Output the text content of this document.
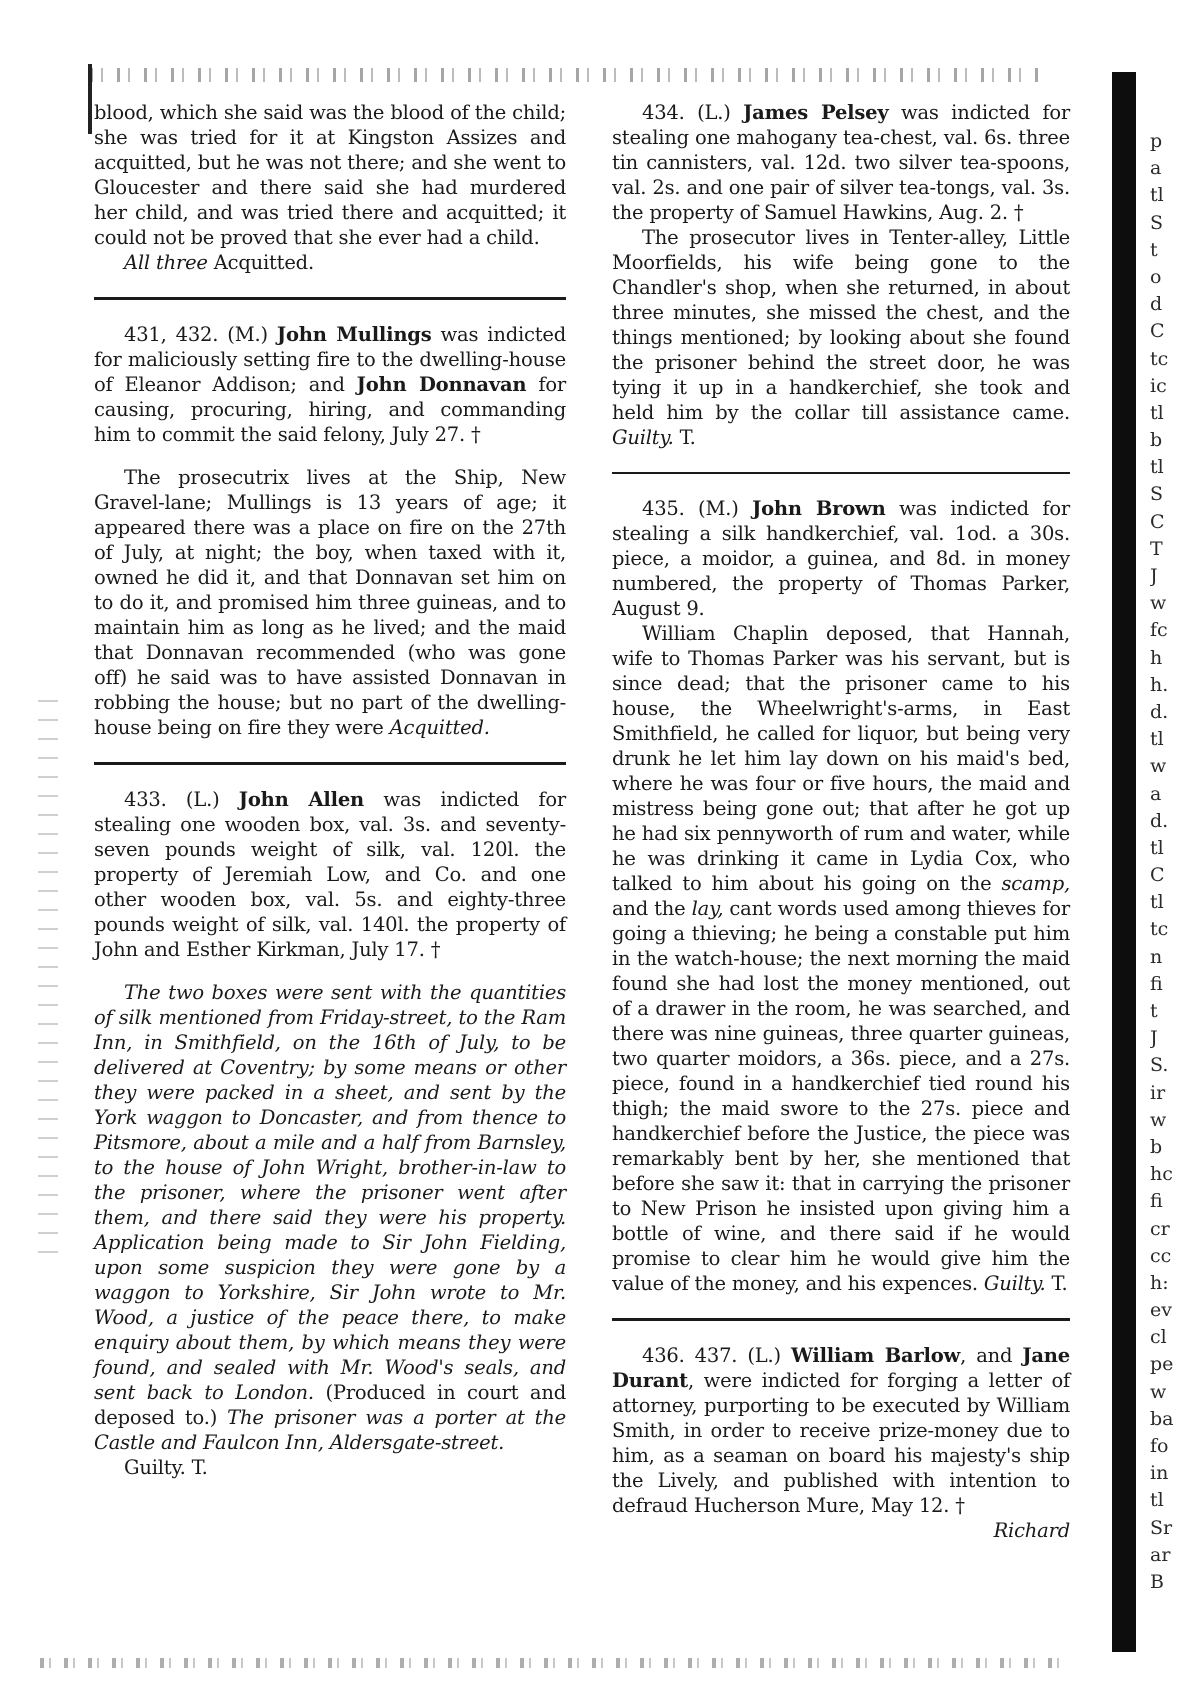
p
a
tl
S
t
o
d
C
tc
ic
tl
b
tl
S
C
T
J
w
fc
h
h.
d.
tl
w
a
d.
tl
C
tl
tc
n
fi
t
J
S.
ir
w
b
hc
fi
cr
cc
h:
ev
cl
pe
w
ba
fo
in
tl
Sr
ar
B

blood, which she said was the blood of the child; she was tried for it at Kingston Assizes and acquitted, but he was not there; and she went to Gloucester and there said she had murdered her child, and was tried there and acquitted; it could not be proved that she ever had a child.

All three Acquitted.

431, 432. (M.) John Mullings was indicted for maliciously setting fire to the dwelling-house of Eleanor Addison; and John Donnavan for causing, procuring, hiring, and commanding him to commit the said felony, July 27. †

The prosecutrix lives at the Ship, New Gravel-lane; Mullings is 13 years of age; it appeared there was a place on fire on the 27th of July, at night; the boy, when taxed with it, owned he did it, and that Donnavan set him on to do it, and promised him three guineas, and to maintain him as long as he lived; and the maid that Donnavan recommended (who was gone off) he said was to have assisted Donnavan in robbing the house; but no part of the dwelling-house being on fire they were Acquitted.

433. (L.) John Allen was indicted for stealing one wooden box, val. 3s. and seventy-seven pounds weight of silk, val. 120l. the property of Jeremiah Low, and Co. and one other wooden box, val. 5s. and eighty-three pounds weight of silk, val. 140l. the property of John and Esther Kirkman, July 17. †

The two boxes were sent with the quantities of silk mentioned from Friday-street, to the Ram Inn, in Smithfield, on the 16th of July, to be delivered at Coventry; by some means or other they were packed in a sheet, and sent by the York waggon to Doncaster, and from thence to Pitsmore, about a mile and a half from Barnsley, to the house of John Wright, brother-in-law to the prisoner, where the prisoner went after them, and there said they were his property. Application being made to Sir John Fielding, upon some suspicion they were gone by a waggon to Yorkshire, Sir John wrote to Mr. Wood, a justice of the peace there, to make enquiry about them, by which means they were found, and sealed with Mr. Wood's seals, and sent back to London. (Produced in court and deposed to.) The prisoner was a porter at the Castle and Faulcon Inn, Aldersgate-street.

Guilty. T.

434. (L.) James Pelsey was indicted for stealing one mahogany tea-chest, val. 6s. three tin cannisters, val. 12d. two silver tea-spoons, val. 2s. and one pair of silver tea-tongs, val. 3s. the property of Samuel Hawkins, Aug. 2. †

The prosecutor lives in Tenter-alley, Little Moorfields, his wife being gone to the Chandler's shop, when she returned, in about three minutes, she missed the chest, and the things mentioned; by looking about she found the prisoner behind the street door, he was tying it up in a handkerchief, she took and held him by the collar till assistance came. Guilty. T.

435. (M.) John Brown was indicted for stealing a silk handkerchief, val. 1od. a 30s. piece, a moidor, a guinea, and 8d. in money numbered, the property of Thomas Parker, August 9.

William Chaplin deposed, that Hannah, wife to Thomas Parker was his servant, but is since dead; that the prisoner came to his house, the Wheelwright's-arms, in East Smithfield, he called for liquor, but being very drunk he let him lay down on his maid's bed, where he was four or five hours, the maid and mistress being gone out; that after he got up he had six pennyworth of rum and water, while he was drinking it came in Lydia Cox, who talked to him about his going on the scamp, and the lay, cant words used among thieves for going a thieving; he being a constable put him in the watch-house; the next morning the maid found she had lost the money mentioned, out of a drawer in the room, he was searched, and there was nine guineas, three quarter guineas, two quarter moidors, a 36s. piece, and a 27s. piece, found in a handkerchief tied round his thigh; the maid swore to the 27s. piece and handkerchief before the Justice, the piece was remarkably bent by her, she mentioned that before she saw it: that in carrying the prisoner to New Prison he insisted upon giving him a bottle of wine, and there said if he would promise to clear him he would give him the value of the money, and his expences. Guilty. T.

436. 437. (L.) William Barlow, and Jane Durant, were indicted for forging a letter of attorney, purporting to be executed by William Smith, in order to receive prize-money due to him, as a seaman on board his majesty's ship the Lively, and published with intention to defraud Hucherson Mure, May 12. †

Richard
